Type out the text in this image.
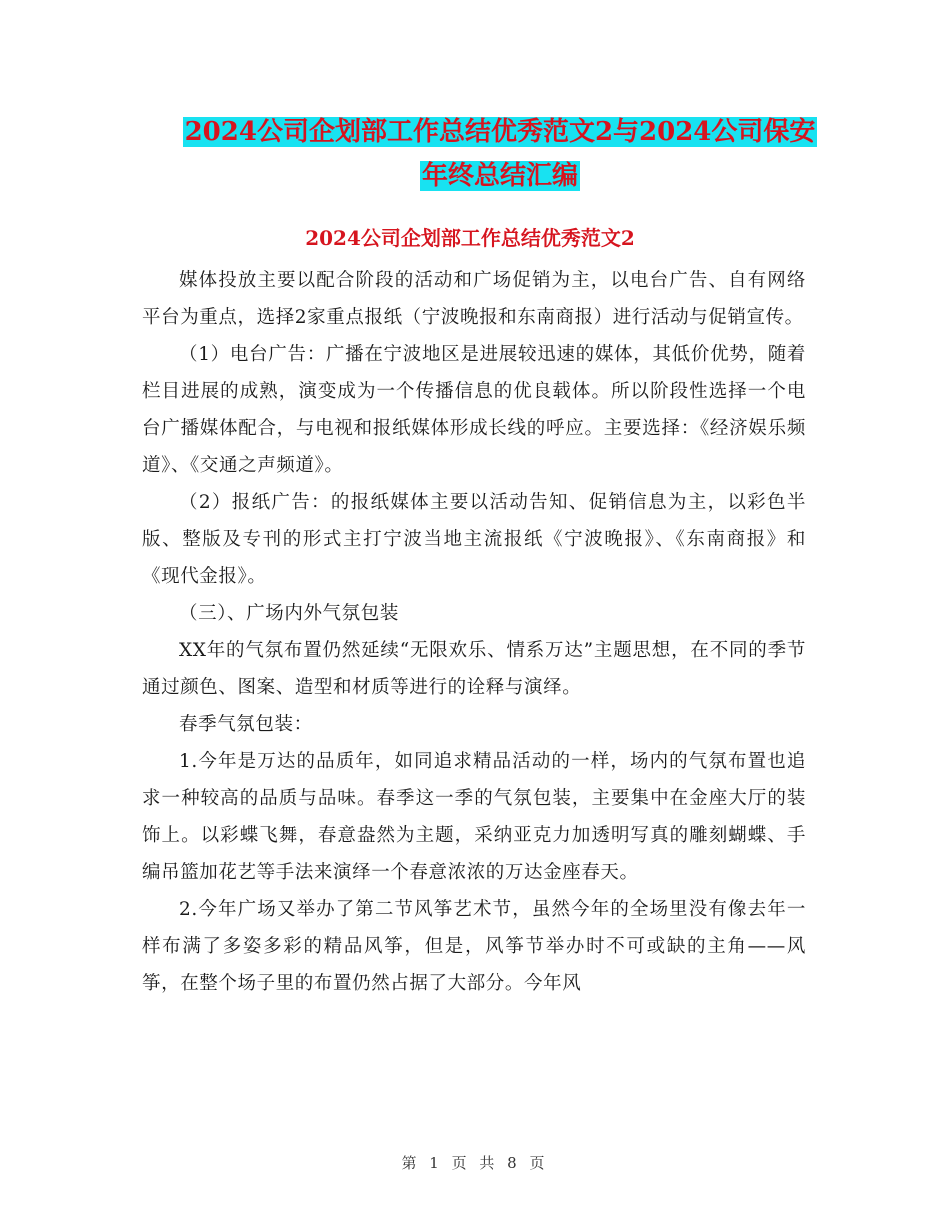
2024公司企划部工作总结优秀范文2与2024公司保安
年终总结汇编
2024公司企划部工作总结优秀范文2

媒体投放主要以配合阶段的活动和广场促销为主，以电台广告、自有网络平台为重点，选择2家重点报纸（宁波晚报和东南商报）进行活动与促销宣传。

（1）电台广告：广播在宁波地区是进展较迅速的媒体，其低价优势，随着栏目进展的成熟，演变成为一个传播信息的优良载体。所以阶段性选择一个电台广播媒体配合，与电视和报纸媒体形成长线的呼应。主要选择：《经济娱乐频道》、《交通之声频道》。

（2）报纸广告：的报纸媒体主要以活动告知、促销信息为主，以彩色半版、整版及专刊的形式主打宁波当地主流报纸《宁波晚报》、《东南商报》和《现代金报》。

（三）、广场内外气氛包装

XX年的气氛布置仍然延续“无限欢乐、情系万达”主题思想，在不同的季节通过颜色、图案、造型和材质等进行的诠释与演绎。

春季气氛包装：

1.今年是万达的品质年，如同追求精品活动的一样，场内的气氛布置也追求一种较高的品质与品味。春季这一季的气氛包装，主要集中在金座大厅的装饰上。以彩蝶飞舞，春意盎然为主题，采纳亚克力加透明写真的雕刻蝴蝶、手编吊篮加花艺等手法来演绎一个春意浓浓的万达金座春天。

2.今年广场又举办了第二节风筝艺术节，虽然今年的全场里没有像去年一样布满了多姿多彩的精品风筝，但是，风筝节举办时不可或缺的主角——风筝，在整个场子里的布置仍然占据了大部分。今年风

第 1 页 共 8 页
